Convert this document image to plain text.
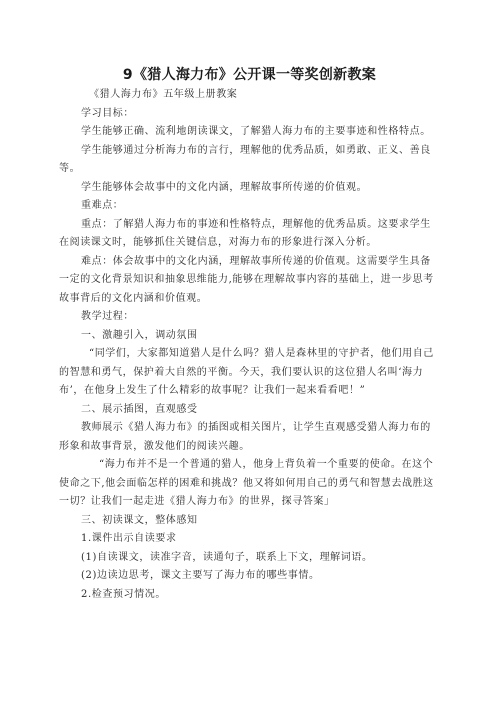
9《猎人海力布》公开课一等奖创新教案

《猎人海力布》五年级上册教案

学习目标：

学生能够正确、流利地朗读课文，了解猎人海力布的主要事迹和性格特点。

学生能够通过分析海力布的言行，理解他的优秀品质，如勇敢、正义、善良等。

学生能够体会故事中的文化内涵，理解故事所传递的价值观。

重难点：

重点：了解猎人海力布的事迹和性格特点，理解他的优秀品质。这要求学生在阅读课文时，能够抓住关键信息，对海力布的形象进行深入分析。

难点：体会故事中的文化内涵，理解故事所传递的价值观。这需要学生具备一定的文化背景知识和抽象思维能力,能够在理解故事内容的基础上，进一步思考故事背后的文化内涵和价值观。

教学过程：

一、激趣引入，调动氛围

“同学们，大家都知道猎人是什么吗？猎人是森林里的守护者，他们用自己的智慧和勇气，保护着大自然的平衡。今天，我们要认识的这位猎人名叫‘海力布’，在他身上发生了什么精彩的故事呢？让我们一起来看看吧！”

二、展示插图，直观感受

教师展示《猎人海力布》的插图或相关图片，让学生直观感受猎人海力布的形象和故事背景，激发他们的阅读兴趣。

“海力布并不是一个普通的猎人，他身上背负着一个重要的使命。在这个使命之下,他会面临怎样的困难和挑战？他又将如何用自己的勇气和智慧去战胜这一切？让我们一起走进《猎人海力布》的世界，探寻答案」

三、初读课文，整体感知

1.课件出示自读要求

(1)自读课文，读准字音，读通句子，联系上下文，理解词语。

(2)边读边思考，课文主要写了海力布的哪些事情。

2.检查预习情况。
